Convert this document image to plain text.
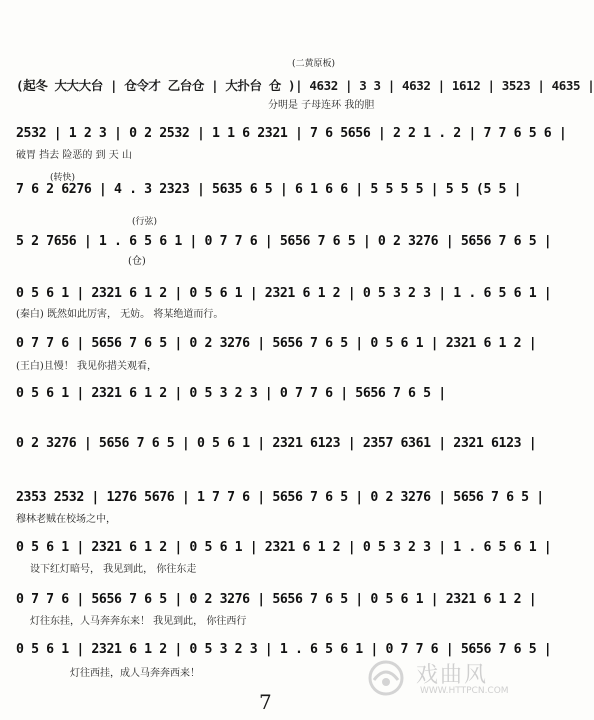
(二黄原板)
(起冬 大大大台 | 仓令才 乙台仓 | 大扑台 仓 )| 4632 | 3 3 | 4632 | 1612 | 3523 | 4635 |
分明是 子母连环 我的胆
(转快)
(行弦)
2532 | 1 2 3 | 0 2 2532 | 1 1 6 2321 | 7 6 5656 | 2 2 1 . 2 | 7 7 6 5 6 |
破胃 挡去 险恶的 到 天 山
7 6 2 6276 | 4 . 3 2323 | 5635 6 5 | 6 1 6 6 | 5 5 5 5 | 5 5 (5 5 |
5 2 7656 | 1 . 6 5 6 1 | 0 7 7 6 | 5656 7 6 5 | 0 2 3276 | 5656 7 6 5 |
(仓)
0 5 6 1 | 2321 6 1 2 | 0 5 6 1 | 2321 6 1 2 | 0 5 3 2 3 | 1 . 6 5 6 1 |
(秦白) 既然如此厉害， 无妨。 将某绝道而行。
0 7 7 6 | 5656 7 6 5 | 0 2 3276 | 5656 7 6 5 | 0 5 6 1 | 2321 6 1 2 |
(王白)且慢！ 我见你措关观看，
0 5 6 1 | 2321 6 1 2 | 0 5 3 2 3 | 0 7 7 6 | 5656 7 6 5 |
0 2 3276 | 5656 7 6 5 | 0 5 6 1 | 2321 6123 | 2357 6361 | 2321 6123 |
2353 2532 | 1276 5676 | 1 7 7 6 | 5656 7 6 5 | 0 2 3276 | 5656 7 6 5 |
穆林老贼在校场之中，
0 5 6 1 | 2321 6 1 2 | 0 5 6 1 | 2321 6 1 2 | 0 5 3 2 3 | 1 . 6 5 6 1 |
设下红灯暗号， 我见到此， 你往东走
0 7 7 6 | 5656 7 6 5 | 0 2 3276 | 5656 7 6 5 | 0 5 6 1 | 2321 6 1 2 |
灯往东挂，人马奔奔东来！ 我见到此， 你往西行
0 5 6 1 | 2321 6 1 2 | 0 5 3 2 3 | 1 . 6 5 6 1 | 0 7 7 6 | 5656 7 6 5 |
灯往西挂，成人马奔奔西来！
7
戏曲风
WWW.HTTPCN.COM
